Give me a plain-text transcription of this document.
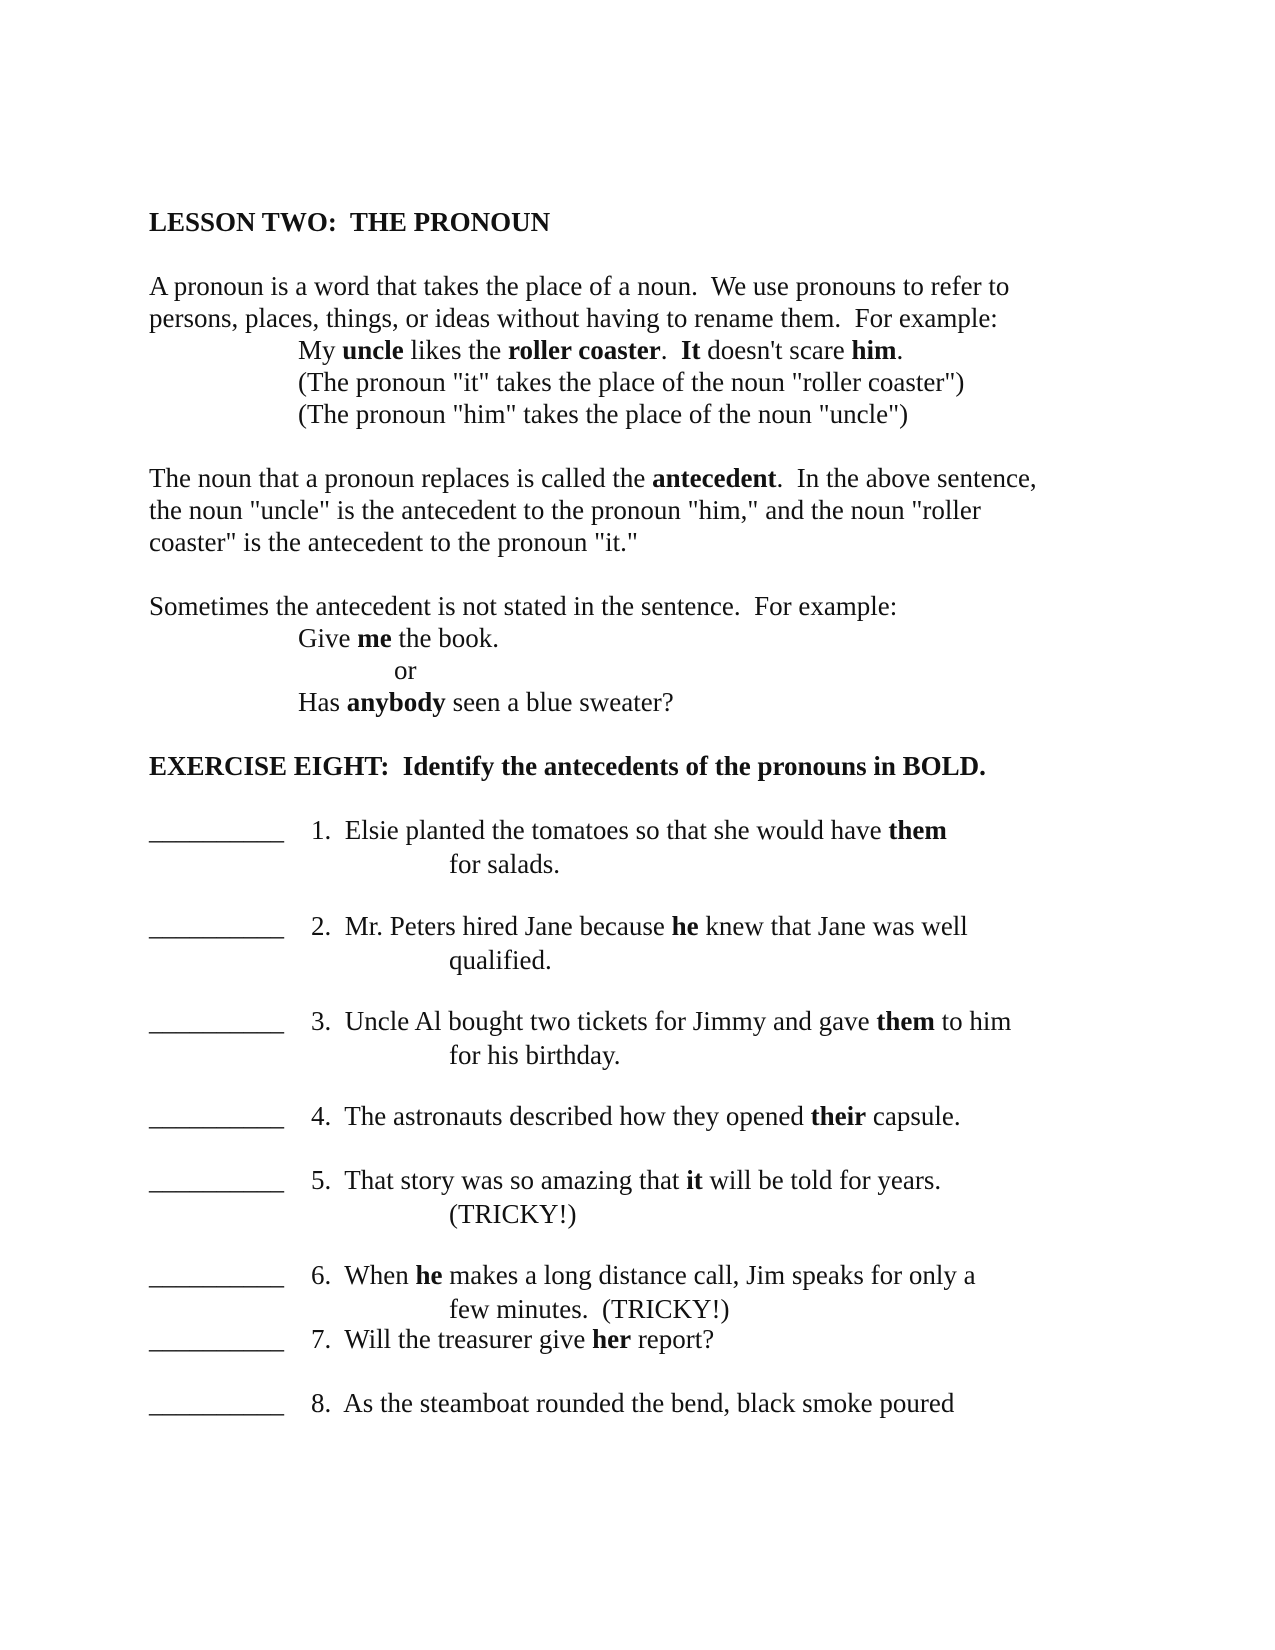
LESSON TWO:  THE PRONOUN
A pronoun is a word that takes the place of a noun.  We use pronouns to refer to
persons, places, things, or ideas without having to rename them.  For example:
My uncle likes the roller coaster.  It doesn't scare him.
(The pronoun "it" takes the place of the noun "roller coaster")
(The pronoun "him" takes the place of the noun "uncle")
The noun that a pronoun replaces is called the antecedent.  In the above sentence,
the noun "uncle" is the antecedent to the pronoun "him," and the noun "roller
coaster" is the antecedent to the pronoun "it."
Sometimes the antecedent is not stated in the sentence.  For example:
Give me the book.
or
Has anybody seen a blue sweater?
EXERCISE EIGHT:  Identify the antecedents of the pronouns in BOLD.
__________ 1. Elsie planted the tomatoes so that she would have them
for salads.
__________ 2. Mr. Peters hired Jane because he knew that Jane was well
qualified.
__________ 3. Uncle Al bought two tickets for Jimmy and gave them to him
for his birthday.
__________ 4. The astronauts described how they opened their capsule.
__________ 5. That story was so amazing that it will be told for years.
(TRICKY!)
__________ 6. When he makes a long distance call, Jim speaks for only a
few minutes.  (TRICKY!)
__________ 7. Will the treasurer give her report?
__________ 8. As the steamboat rounded the bend, black smoke poured
